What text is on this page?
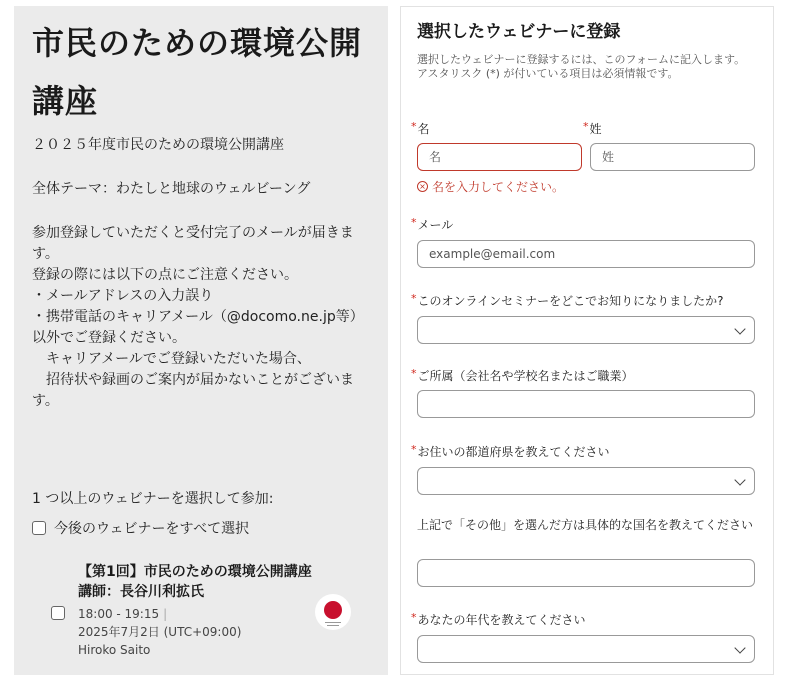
市民のための環境公開講座
２０２５年度市民のための環境公開講座
全体テーマ：わたしと地球のウェルビーング
参加登録していただくと受付完了のメールが届きます。
登録の際には以下の点にご注意ください。
・メールアドレスの入力誤り
・携帯電話のキャリアメール（@docomo.ne.jp等）以外でご登録ください。
　キャリアメールでご登録いただいた場合、
　招待状や録画のご案内が届かないことがございます。
1 つ以上のウェビナーを選択して参加:
今後のウェビナーをすべて選択
【第1回】市民のための環境公開講座　講師：長谷川利拡氏
18:00 - 19:15 |
2025年7月2日 (UTC+09:00)
Hiroko Saito
選択したウェビナーに登録
選択したウェビナーに登録するには、このフォームに記入します。アスタリスク (*) が付いている項目は必須情報です。
*名	*姓
名	姓
× 名を入力してください。
*メール
example@email.com
*このオンラインセミナーをどこでお知りになりましたか?
*ご所属（会社名や学校名またはご職業）
*お住いの都道府県を教えてください
上記で「その他」を選んだ方は具体的な国名を教えてください
*あなたの年代を教えてください
